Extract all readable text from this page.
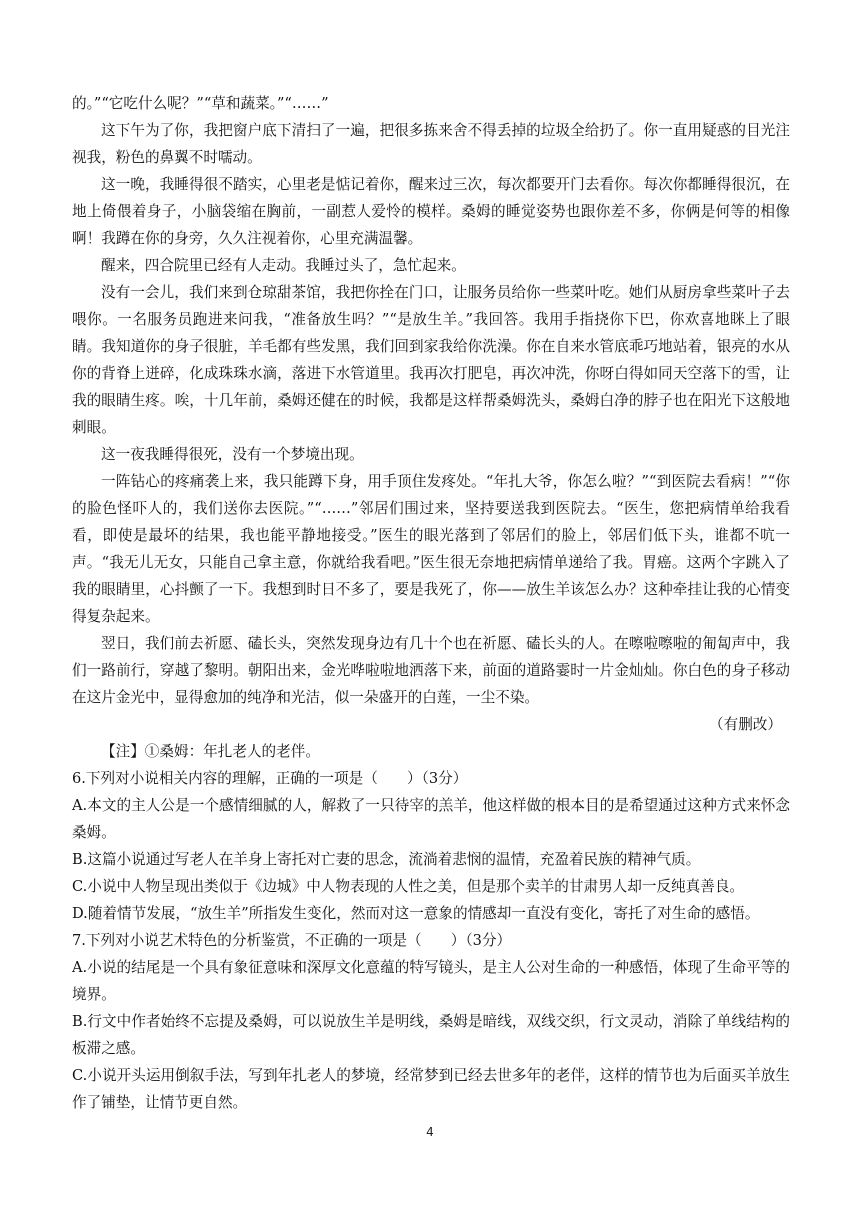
的。”“它吃什么呢？”“草和蔬菜。”“……”

这下午为了你，我把窗户底下清扫了一遍，把很多拣来舍不得丢掉的垃圾全给扔了。你一直用疑惑的目光注视我，粉色的鼻翼不时嚅动。

这一晚，我睡得很不踏实，心里老是惦记着你，醒来过三次，每次都要开门去看你。每次你都睡得很沉，在地上倚偎着身子，小脑袋缩在胸前，一副惹人爱怜的模样。桑姆的睡觉姿势也跟你差不多，你俩是何等的相像啊！我蹲在你的身旁，久久注视着你，心里充满温馨。

醒来，四合院里已经有人走动。我睡过头了，急忙起来。

没有一会儿，我们来到仓琼甜茶馆，我把你拴在门口，让服务员给你一些菜叶吃。她们从厨房拿些菜叶子去喂你。一名服务员跑进来问我，“准备放生吗？”“是放生羊。”我回答。我用手指挠你下巴，你欢喜地眯上了眼睛。我知道你的身子很脏，羊毛都有些发黑，我们回到家我给你洗澡。你在自来水管底乖巧地站着，银亮的水从你的背脊上迸碎，化成珠珠水滴，落进下水管道里。我再次打肥皂，再次冲洗，你呀白得如同天空落下的雪，让我的眼睛生疼。唉，十几年前，桑姆还健在的时候，我都是这样帮桑姆洗头，桑姆白净的脖子也在阳光下这般地刺眼。

这一夜我睡得很死，没有一个梦境出现。

一阵钻心的疼痛袭上来，我只能蹲下身，用手顶住发疼处。“年扎大爷，你怎么啦？”“到医院去看病！”“你的脸色怪吓人的，我们送你去医院。”“……”邻居们围过来，坚持要送我到医院去。“医生，您把病情单给我看看，即使是最坏的结果，我也能平静地接受。”医生的眼光落到了邻居们的脸上，邻居们低下头，谁都不吭一声。“我无儿无女，只能自己拿主意，你就给我看吧。”医生很无奈地把病情单递给了我。胃癌。这两个字跳入了我的眼睛里，心抖颤了一下。我想到时日不多了，要是我死了，你——放生羊该怎么办？这种牵挂让我的心情变得复杂起来。

翌日，我们前去祈愿、磕长头，突然发现身边有几十个也在祈愿、磕长头的人。在嚓啦嚓啦的匍匐声中，我们一路前行，穿越了黎明。朝阳出来，金光哗啦啦地洒落下来，前面的道路霎时一片金灿灿。你白色的身子移动在这片金光中，显得愈加的纯净和光洁，似一朵盛开的白莲，一尘不染。

（有删改）

【注】①桑姆：年扎老人的老伴。

6.下列对小说相关内容的理解，正确的一项是（　　）（3分）

A.本文的主人公是一个感情细腻的人，解救了一只待宰的羔羊，他这样做的根本目的是希望通过这种方式来怀念桑姆。

B.这篇小说通过写老人在羊身上寄托对亡妻的思念，流淌着悲悯的温情，充盈着民族的精神气质。

C.小说中人物呈现出类似于《边城》中人物表现的人性之美，但是那个卖羊的甘肃男人却一反纯真善良。

D.随着情节发展，“放生羊”所指发生变化，然而对这一意象的情感却一直没有变化，寄托了对生命的感悟。

7.下列对小说艺术特色的分析鉴赏，不正确的一项是（　　）（3分）

A.小说的结尾是一个具有象征意味和深厚文化意蕴的特写镜头，是主人公对生命的一种感悟，体现了生命平等的境界。

B.行文中作者始终不忘提及桑姆，可以说放生羊是明线，桑姆是暗线，双线交织，行文灵动，消除了单线结构的板滞之感。

C.小说开头运用倒叙手法，写到年扎老人的梦境，经常梦到已经去世多年的老伴，这样的情节也为后面买羊放生作了铺垫，让情节更自然。

4
